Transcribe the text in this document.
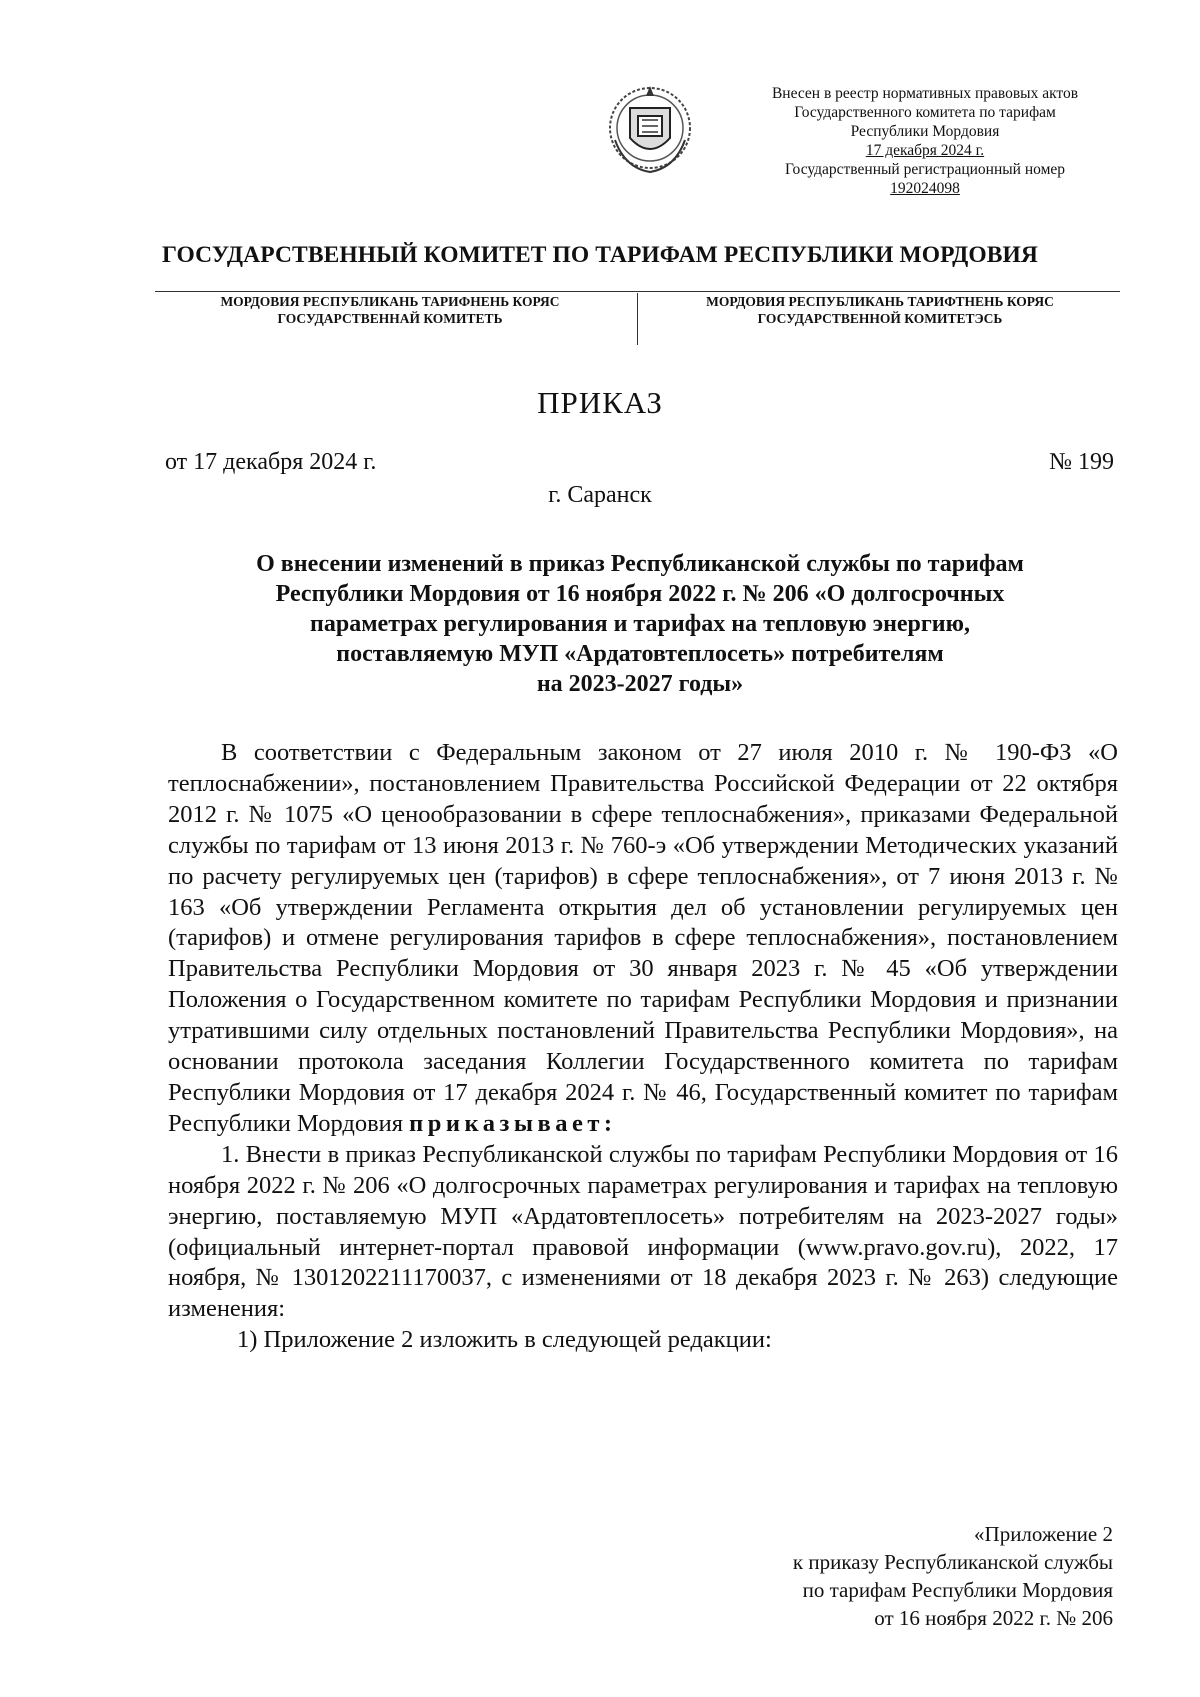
Внесен в реестр нормативных правовых актов
Государственного комитета по тарифам
Республики Мордовия
17 декабря 2024 г.
Государственный регистрационный номер
192024098
ГОСУДАРСТВЕННЫЙ КОМИТЕТ ПО ТАРИФАМ РЕСПУБЛИКИ МОРДОВИЯ
МОРДОВИЯ РЕСПУБЛИКАНЬ ТАРИФНЕНЬ КОРЯС
ГОСУДАРСТВЕННАЙ КОМИТЕТЬ
МОРДОВИЯ РЕСПУБЛИКАНЬ ТАРИФТНЕНЬ КОРЯС
ГОСУДАРСТВЕННОЙ КОМИТЕТЭСЬ
ПРИКАЗ
от 17 декабря 2024 г.	№ 199
г. Саранск
О внесении изменений в приказ Республиканской службы по тарифам
Республики Мордовия от 16 ноября 2022 г. № 206 «О долгосрочных
параметрах регулирования и тарифах на тепловую энергию,
поставляемую МУП «Ардатовтеплосеть» потребителям
на 2023-2027 годы»

В соответствии с Федеральным законом от 27 июля 2010 г. № 190-ФЗ «О теплоснабжении», постановлением Правительства Российской Федерации от 22 октября 2012 г. № 1075 «О ценообразовании в сфере теплоснабжения», приказами Федеральной службы по тарифам от 13 июня 2013 г. № 760-э «Об утверждении Методических указаний по расчету регулируемых цен (тарифов) в сфере теплоснабжения», от 7 июня 2013 г. № 163 «Об утверждении Регламента открытия дел об установлении регулируемых цен (тарифов) и отмене регулирования тарифов в сфере теплоснабжения», постановлением Правительства Республики Мордовия от 30 января 2023 г. № 45 «Об утверждении Положения о Государственном комитете по тарифам Республики Мордовия и признании утратившими силу отдельных постановлений Правительства Республики Мордовия», на основании протокола заседания Коллегии Государственного комитета по тарифам Республики Мордовия от 17 декабря 2024 г. № 46, Государственный комитет по тарифам Республики Мордовия приказывает:

1. Внести в приказ Республиканской службы по тарифам Республики Мордовия от 16 ноября 2022 г. № 206 «О долгосрочных параметрах регулирования и тарифах на тепловую энергию, поставляемую МУП «Ардатовтеплосеть» потребителям на 2023-2027 годы» (официальный интернет-портал правовой информации (www.pravo.gov.ru), 2022, 17 ноября, № 1301202211170037, с изменениями от 18 декабря 2023 г. № 263) следующие изменения:

1) Приложение 2 изложить в следующей редакции:

«Приложение 2
к приказу Республиканской службы
по тарифам Республики Мордовия
от 16 ноября 2022 г. № 206
